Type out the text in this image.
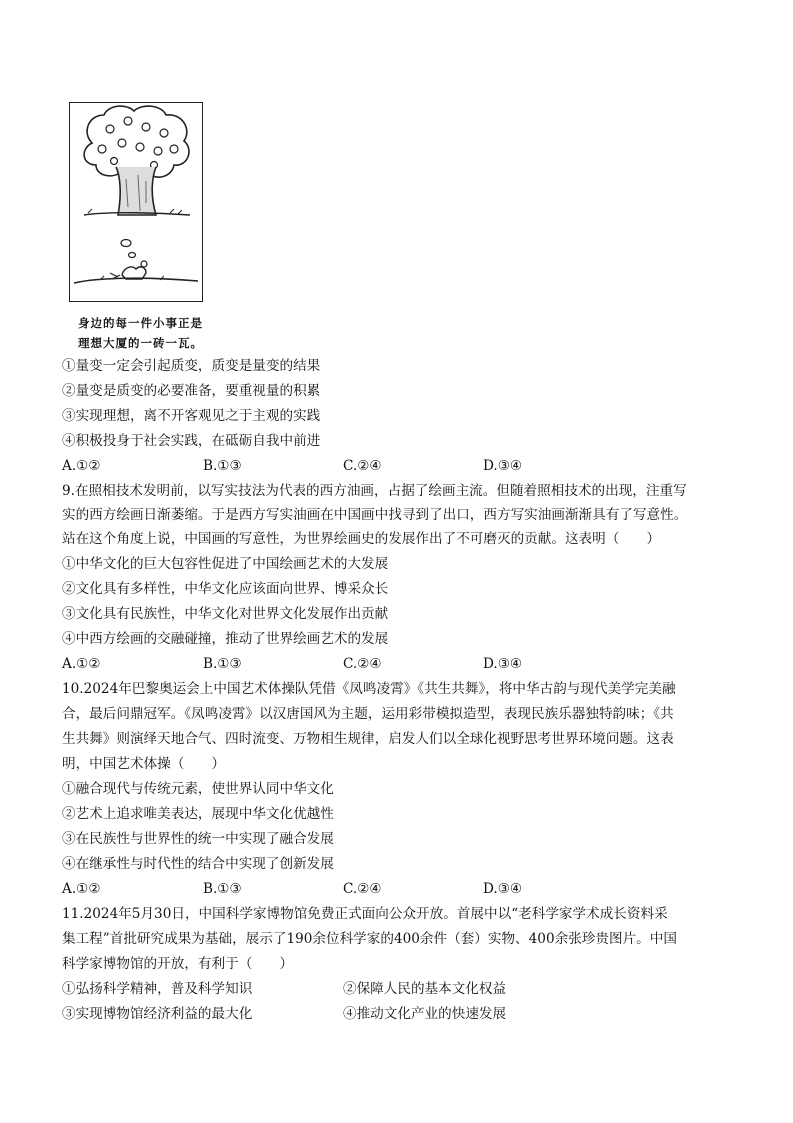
身边的每一件小事正是
理想大厦的一砖一瓦。
①量变一定会引起质变，质变是量变的结果
②量变是质变的必要准备，要重视量的积累
③实现理想，离不开客观见之于主观的实践
④积极投身于社会实践，在砥砺自我中前进
A.①②	B.①③	C.②④	D.③④
9.在照相技术发明前，以写实技法为代表的西方油画，占据了绘画主流。但随着照相技术的出现，注重写
实的西方绘画日渐萎缩。于是西方写实油画在中国画中找寻到了出口，西方写实油画渐渐具有了写意性。
站在这个角度上说，中国画的写意性，为世界绘画史的发展作出了不可磨灭的贡献。这表明（　　）
①中华文化的巨大包容性促进了中国绘画艺术的大发展
②文化具有多样性，中华文化应该面向世界、博采众长
③文化具有民族性，中华文化对世界文化发展作出贡献
④中西方绘画的交融碰撞，推动了世界绘画艺术的发展
A.①②	B.①③	C.②④	D.③④
10.2024年巴黎奥运会上中国艺术体操队凭借《凤鸣凌霄》《共生共舞》，将中华古韵与现代美学完美融
合，最后问鼎冠军。《凤鸣凌霄》以汉唐国风为主题，运用彩带模拟造型，表现民族乐器独特韵味；《共
生共舞》则演绎天地合气、四时流变、万物相生规律，启发人们以全球化视野思考世界环境问题。这表
明，中国艺术体操（　　）
①融合现代与传统元素，使世界认同中华文化
②艺术上追求唯美表达，展现中华文化优越性
③在民族性与世界性的统一中实现了融合发展
④在继承性与时代性的结合中实现了创新发展
A.①②	B.①③	C.②④	D.③④
11.2024年5月30日，中国科学家博物馆免费正式面向公众开放。首展中以“老科学家学术成长资料采
集工程”首批研究成果为基础，展示了190余位科学家的400余件（套）实物、400余张珍贵图片。中国
科学家博物馆的开放，有利于（　　）
①弘扬科学精神，普及科学知识	②保障人民的基本文化权益
③实现博物馆经济利益的最大化	④推动文化产业的快速发展
